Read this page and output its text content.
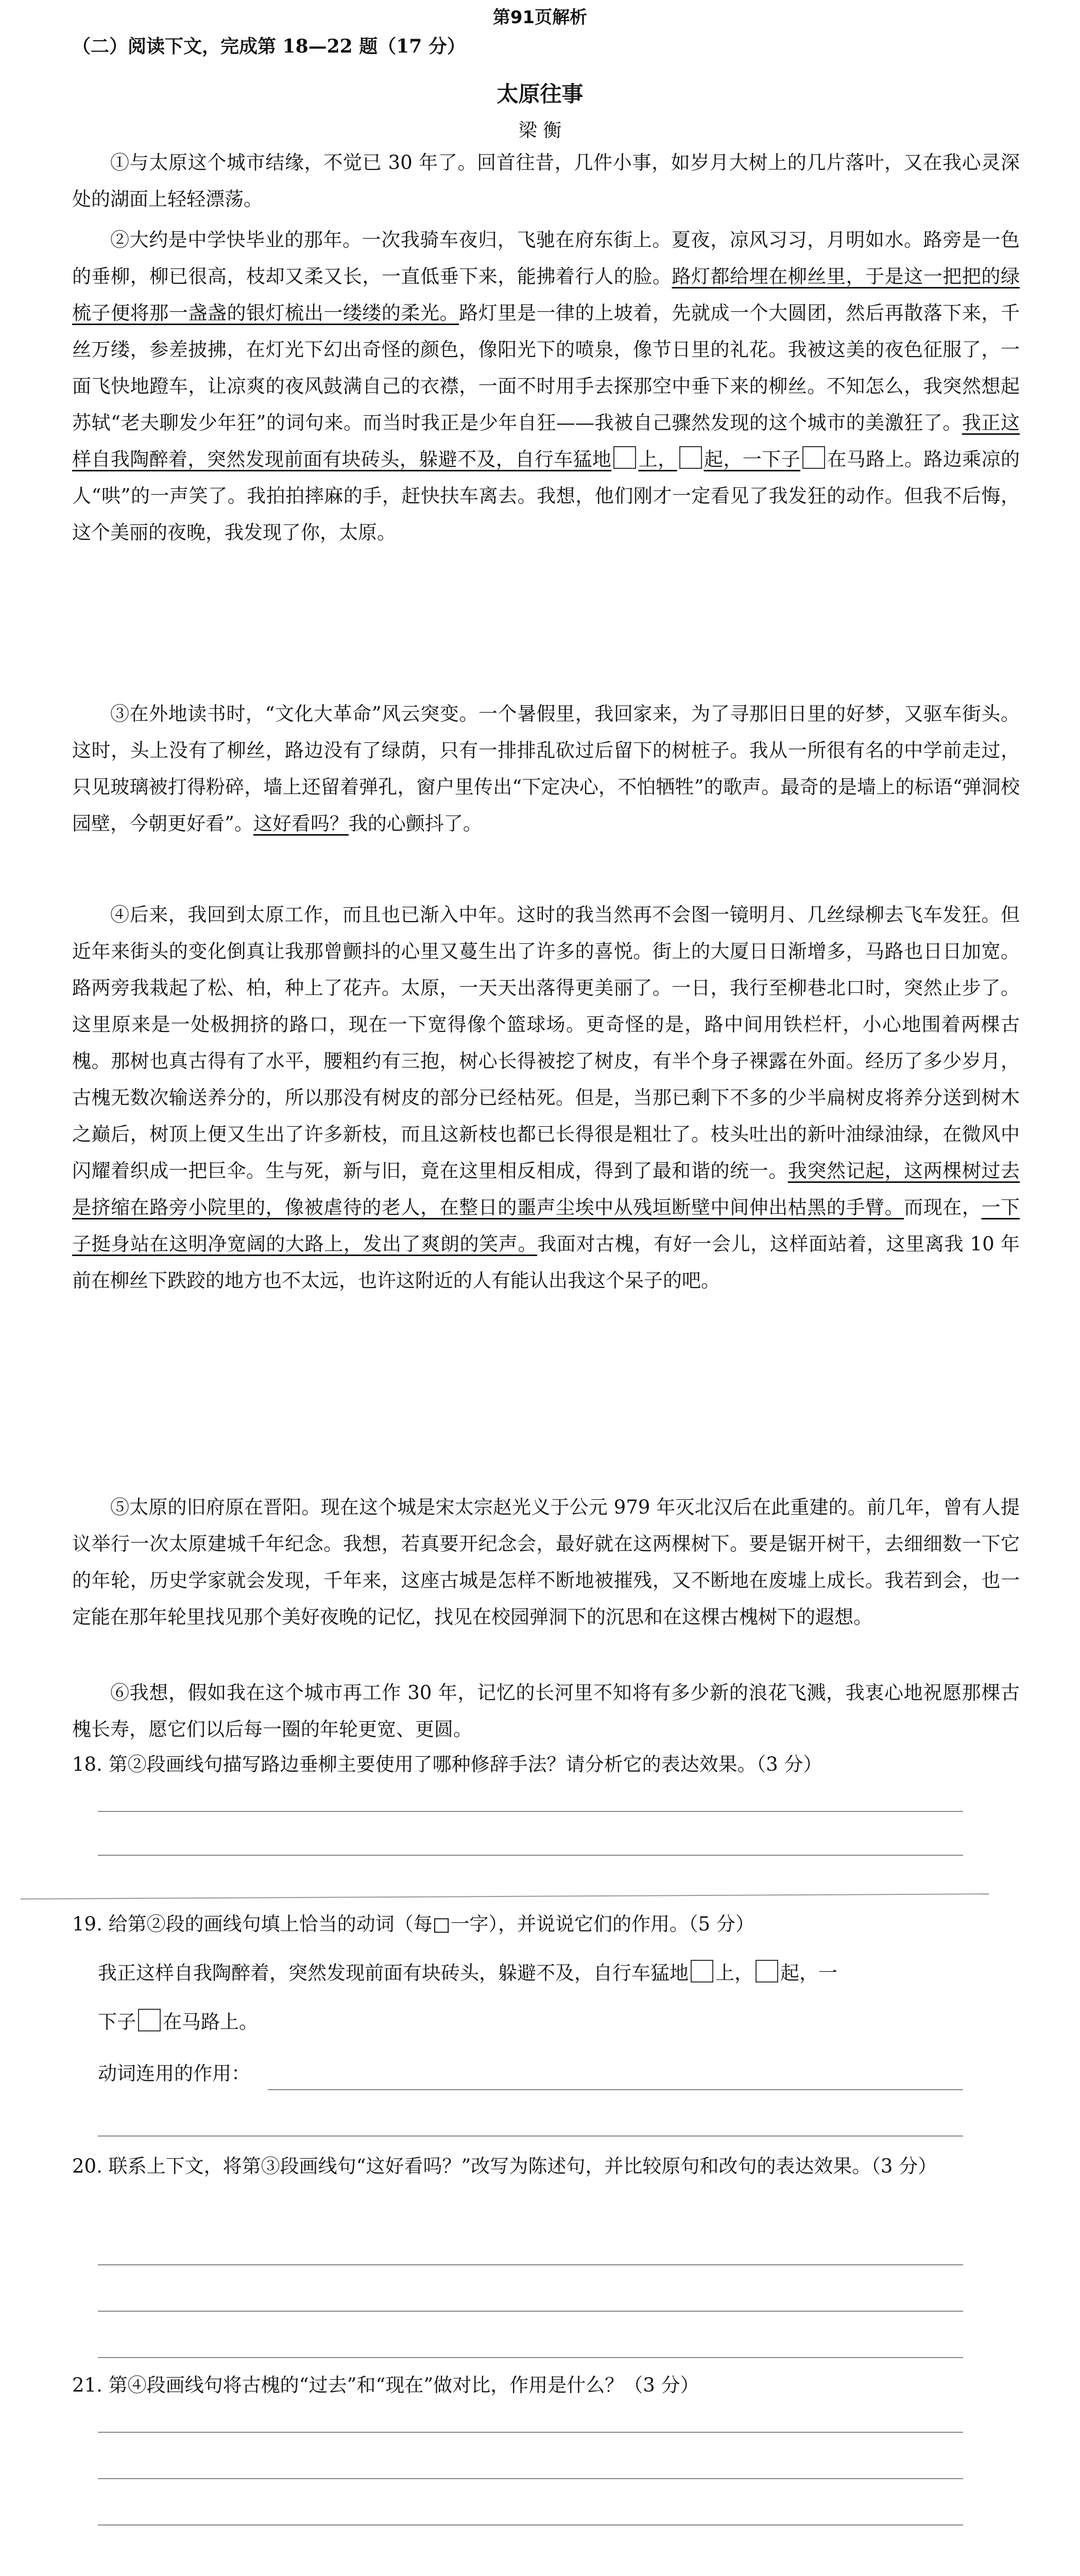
第91页解析
（二）阅读下文，完成第 18—22 题（17 分）
太原往事
梁 衡

①与太原这个城市结缘，不觉已 30 年了。回首往昔，几件小事，如岁月大树上的几片落叶，又在我心灵深处的湖面上轻轻漂荡。

②大约是中学快毕业的那年。一次我骑车夜归，飞驰在府东街上。夏夜，凉风习习，月明如水。路旁是一色的垂柳，柳已很高，枝却又柔又长，一直低垂下来，能拂着行人的脸。路灯都给埋在柳丝里，于是这一把把的绿梳子便将那一盏盏的银灯梳出一缕缕的柔光。路灯里是一律的上坡着，先就成一个大圆团，然后再散落下来，千丝万缕，参差披拂，在灯光下幻出奇怪的颜色，像阳光下的喷泉，像节日里的礼花。我被这美的夜色征服了，一面飞快地蹬车，让凉爽的夜风鼓满自己的衣襟，一面不时用手去探那空中垂下来的柳丝。不知怎么，我突然想起苏轼“老夫聊发少年狂”的词句来。而当时我正是少年自狂——我被自己骤然发现的这个城市的美激狂了。我正这样自我陶醉着，突然发现前面有块砖头，躲避不及，自行车猛地 上， 起，一下子 在马路上。路边乘凉的人“哄”的一声笑了。我拍拍摔麻的手，赶快扶车离去。我想，他们刚才一定看见了我发狂的动作。但我不后悔，这个美丽的夜晚，我发现了你，太原。

③在外地读书时，“文化大革命”风云突变。一个暑假里，我回家来，为了寻那旧日里的好梦，又驱车街头。这时，头上没有了柳丝，路边没有了绿荫，只有一排排乱砍过后留下的树桩子。我从一所很有名的中学前走过，只见玻璃被打得粉碎，墙上还留着弹孔，窗户里传出“下定决心，不怕牺牲”的歌声。最奇的是墙上的标语“弹洞校园壁，今朝更好看”。这好看吗？我的心颤抖了。

④后来，我回到太原工作，而且也已渐入中年。这时的我当然再不会图一镜明月、几丝绿柳去飞车发狂。但近年来街头的变化倒真让我那曾颤抖的心里又蔓生出了许多的喜悦。街上的大厦日日渐增多，马路也日日加宽。路两旁我栽起了松、柏，种上了花卉。太原，一天天出落得更美丽了。一日，我行至柳巷北口时，突然止步了。这里原来是一处极拥挤的路口，现在一下宽得像个篮球场。更奇怪的是，路中间用铁栏杆，小心地围着两棵古槐。那树也真古得有了水平，腰粗约有三抱，树心长得被挖了树皮，有半个身子裸露在外面。经历了多少岁月，古槐无数次输送养分的，所以那没有树皮的部分已经枯死。但是，当那已剩下不多的少半扁树皮将养分送到树木之巅后，树顶上便又生出了许多新枝，而且这新枝也都已长得很是粗壮了。枝头吐出的新叶油绿油绿，在微风中闪耀着织成一把巨伞。生与死，新与旧，竟在这里相反相成，得到了最和谐的统一。我突然记起，这两棵树过去是挤缩在路旁小院里的，像被虐待的老人，在整日的噩声尘埃中从残垣断壁中间伸出枯黑的手臂。而现在，一下子挺身站在这明净宽阔的大路上，发出了爽朗的笑声。我面对古槐，有好一会儿，这样面站着，这里离我 10 年前在柳丝下跌跤的地方也不太远，也许这附近的人有能认出我这个呆子的吧。

⑤太原的旧府原在晋阳。现在这个城是宋太宗赵光义于公元 979 年灭北汉后在此重建的。前几年，曾有人提议举行一次太原建城千年纪念。我想，若真要开纪念会，最好就在这两棵树下。要是锯开树干，去细细数一下它的年轮，历史学家就会发现，千年来，这座古城是怎样不断地被摧残，又不断地在废墟上成长。我若到会，也一定能在那年轮里找见那个美好夜晚的记忆，找见在校园弹洞下的沉思和在这棵古槐树下的遐想。

⑥我想，假如我在这个城市再工作 30 年，记忆的长河里不知将有多少新的浪花飞溅，我衷心地祝愿那棵古槐长寿，愿它们以后每一圈的年轮更宽、更圆。

18. 第②段画线句描写路边垂柳主要使用了哪种修辞手法？请分析它的表达效果。（3 分）
19. 给第②段的画线句填上恰当的动词（每□一字），并说说它们的作用。（5 分）
我正这样自我陶醉着，突然发现前面有块砖头，躲避不及，自行车猛地 上， 起，一
下子 在马路上。
动词连用的作用：
20. 联系上下文，将第③段画线句“这好看吗？”改写为陈述句，并比较原句和改句的表达效果。（3 分）
21. 第④段画线句将古槐的“过去”和“现在”做对比，作用是什么？（3 分）
